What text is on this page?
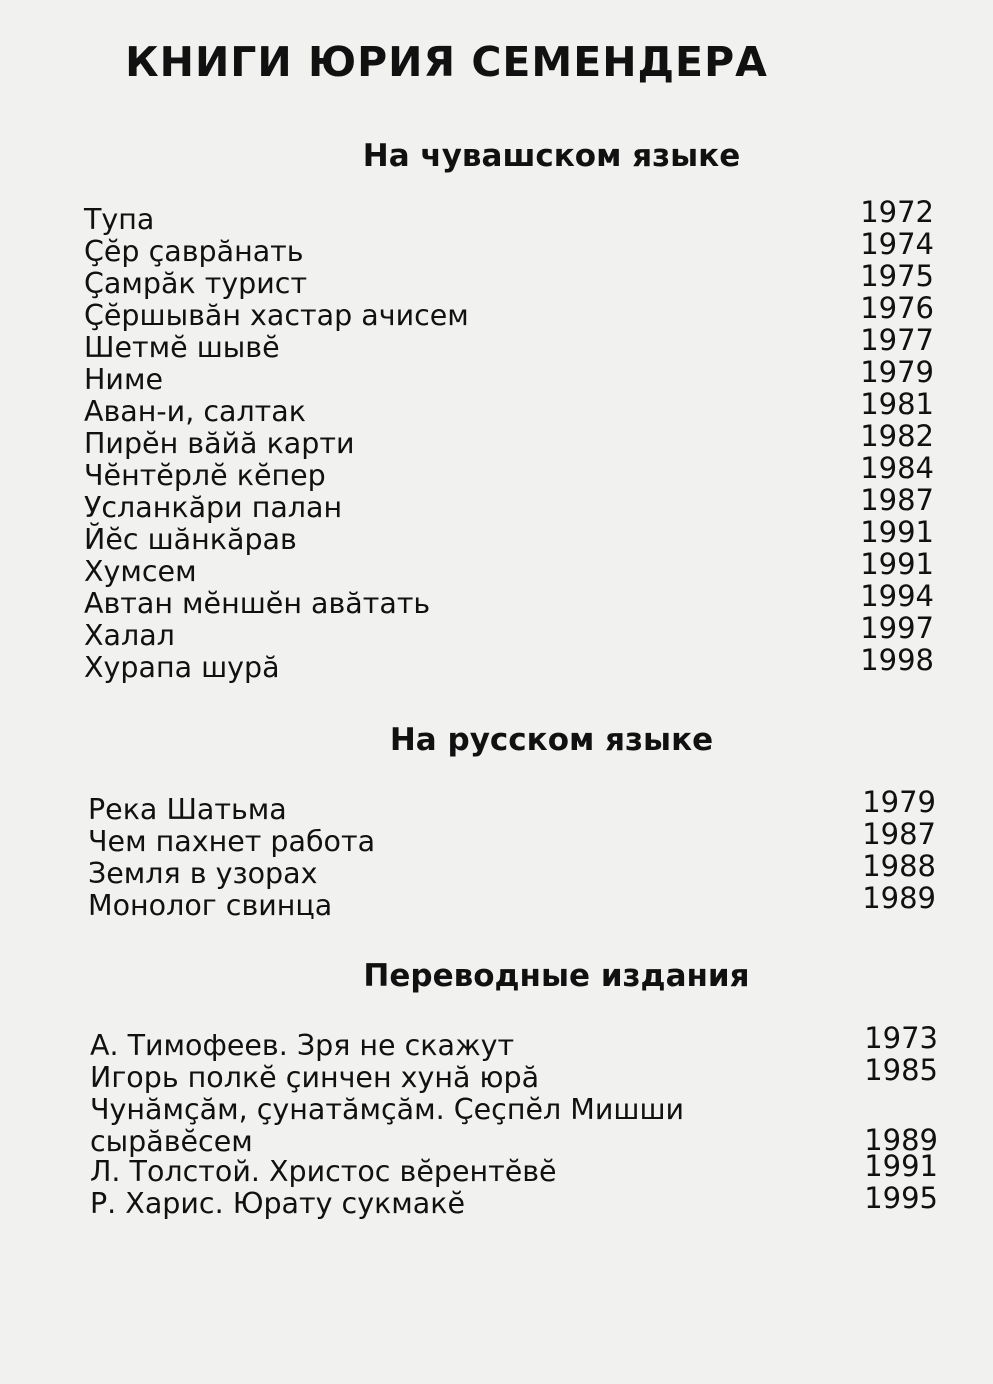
КНИГИ ЮРИЯ СЕМЕНДЕРА
На чувашском языке
Тупа	1972
Çĕр çаврăнать	1974
Çамрăк турист	1975
Çĕршывăн хастар ачисем	1976
Шетмĕ шывĕ	1977
Ниме	1979
Аван-и, салтак	1981
Пирĕн вăйă карти	1982
Чĕнтĕрлĕ кĕпер	1984
Усланкăри палан	1987
Йĕс шăнкăрав	1991
Хумсем	1991
Автан мĕншĕн авăтать	1994
Халал	1997
Хурапа шурă	1998
На русском языке
Река Шатьма	1979
Чем пахнет работа	1987
Земля в узорах	1988
Монолог свинца	1989
Переводные издания
А. Тимофеев. Зря не скажут	1973
Игорь полкĕ çинчен хунă юрă	1985
Чунăмçăм, çунатăмçăм. Çеçпĕл Мишши сырăвĕсем	1989
Л. Толстой. Христос вĕрентĕвĕ	1991
Р. Харис. Юрату сукмакĕ	1995
